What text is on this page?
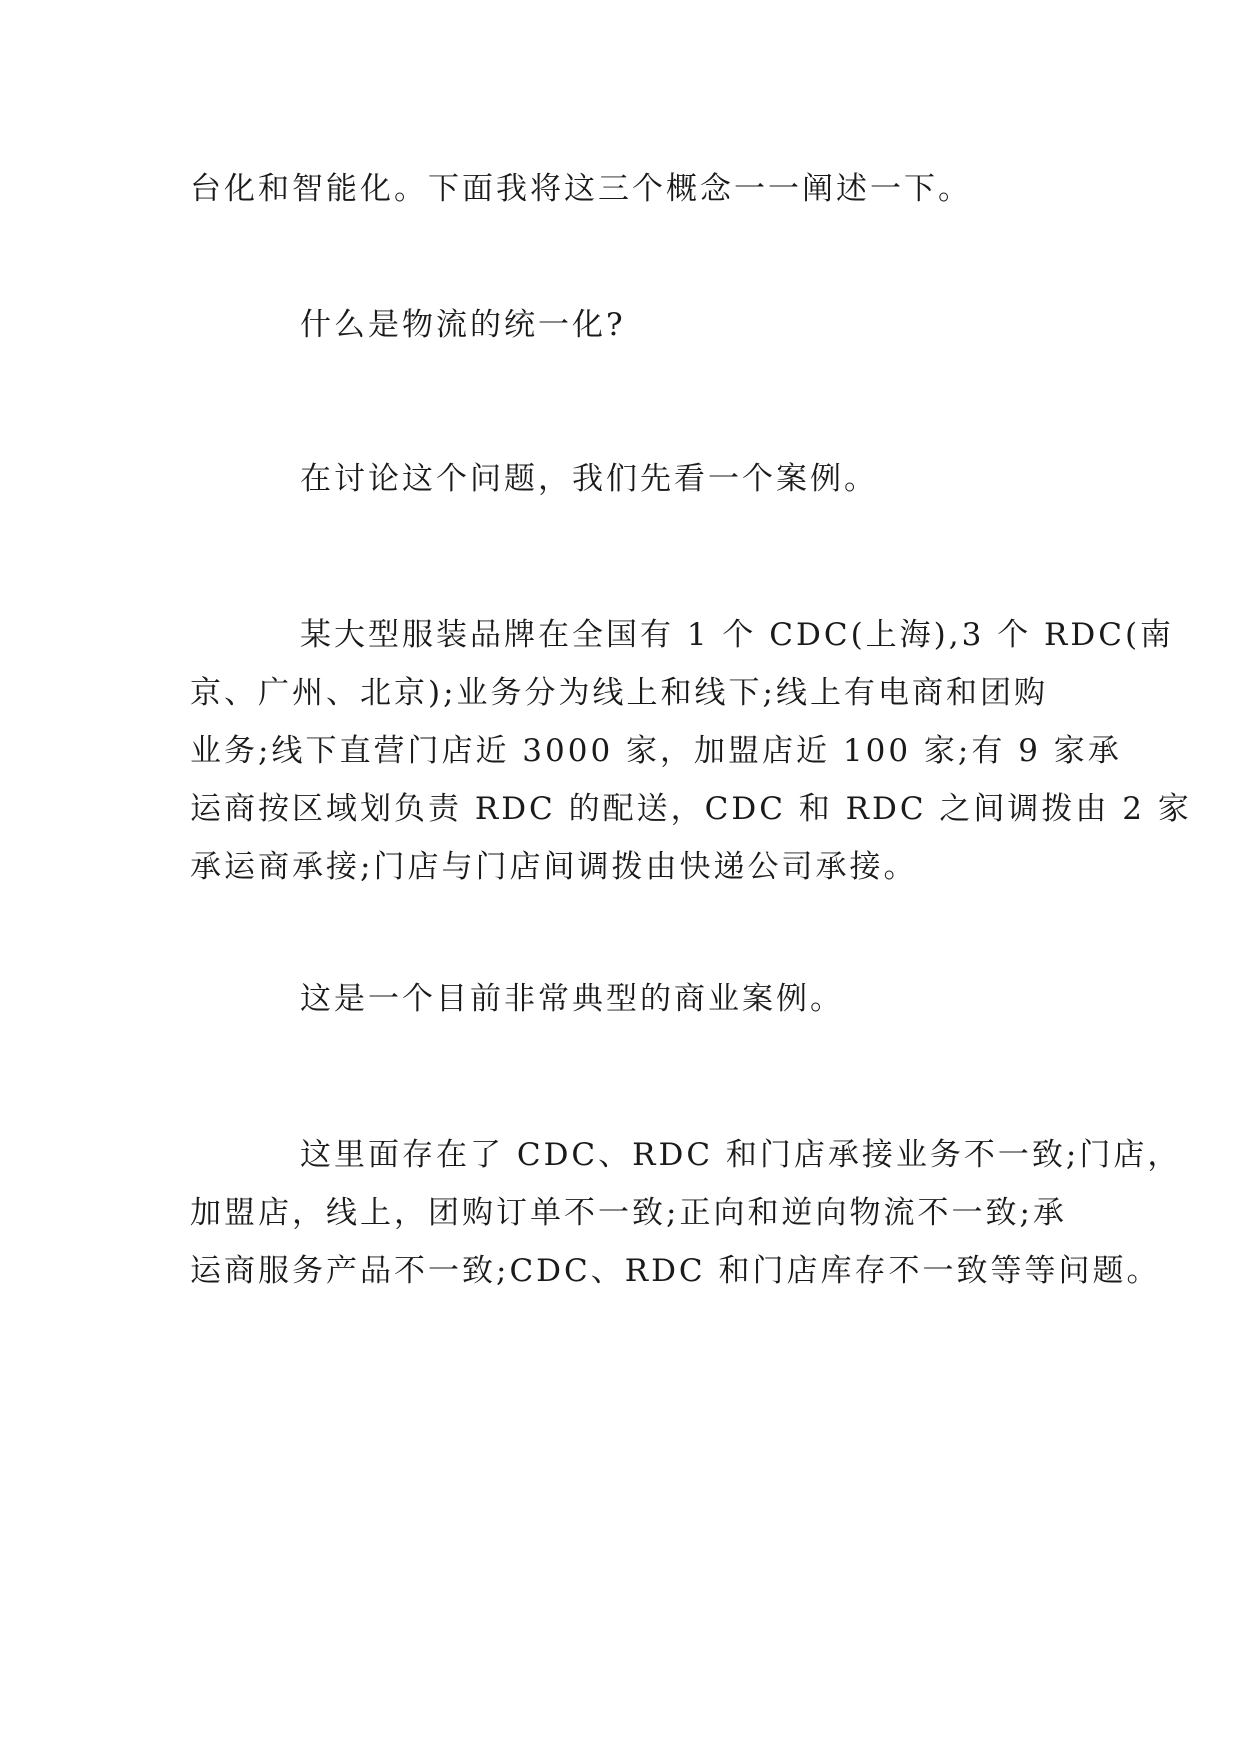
台化和智能化。下面我将这三个概念一一阐述一下。

什么是物流的统一化?

在讨论这个问题，我们先看一个案例。

某大型服装品牌在全国有 1 个 CDC(上海),3 个 RDC(南
京、广州、北京);业务分为线上和线下;线上有电商和团购
业务;线下直营门店近 3000 家，加盟店近 100 家;有 9 家承
运商按区域划负责 RDC 的配送，CDC 和 RDC 之间调拨由 2 家
承运商承接;门店与门店间调拨由快递公司承接。

这是一个目前非常典型的商业案例。

这里面存在了 CDC、RDC 和门店承接业务不一致;门店，
加盟店，线上，团购订单不一致;正向和逆向物流不一致;承
运商服务产品不一致;CDC、RDC 和门店库存不一致等等问题。
